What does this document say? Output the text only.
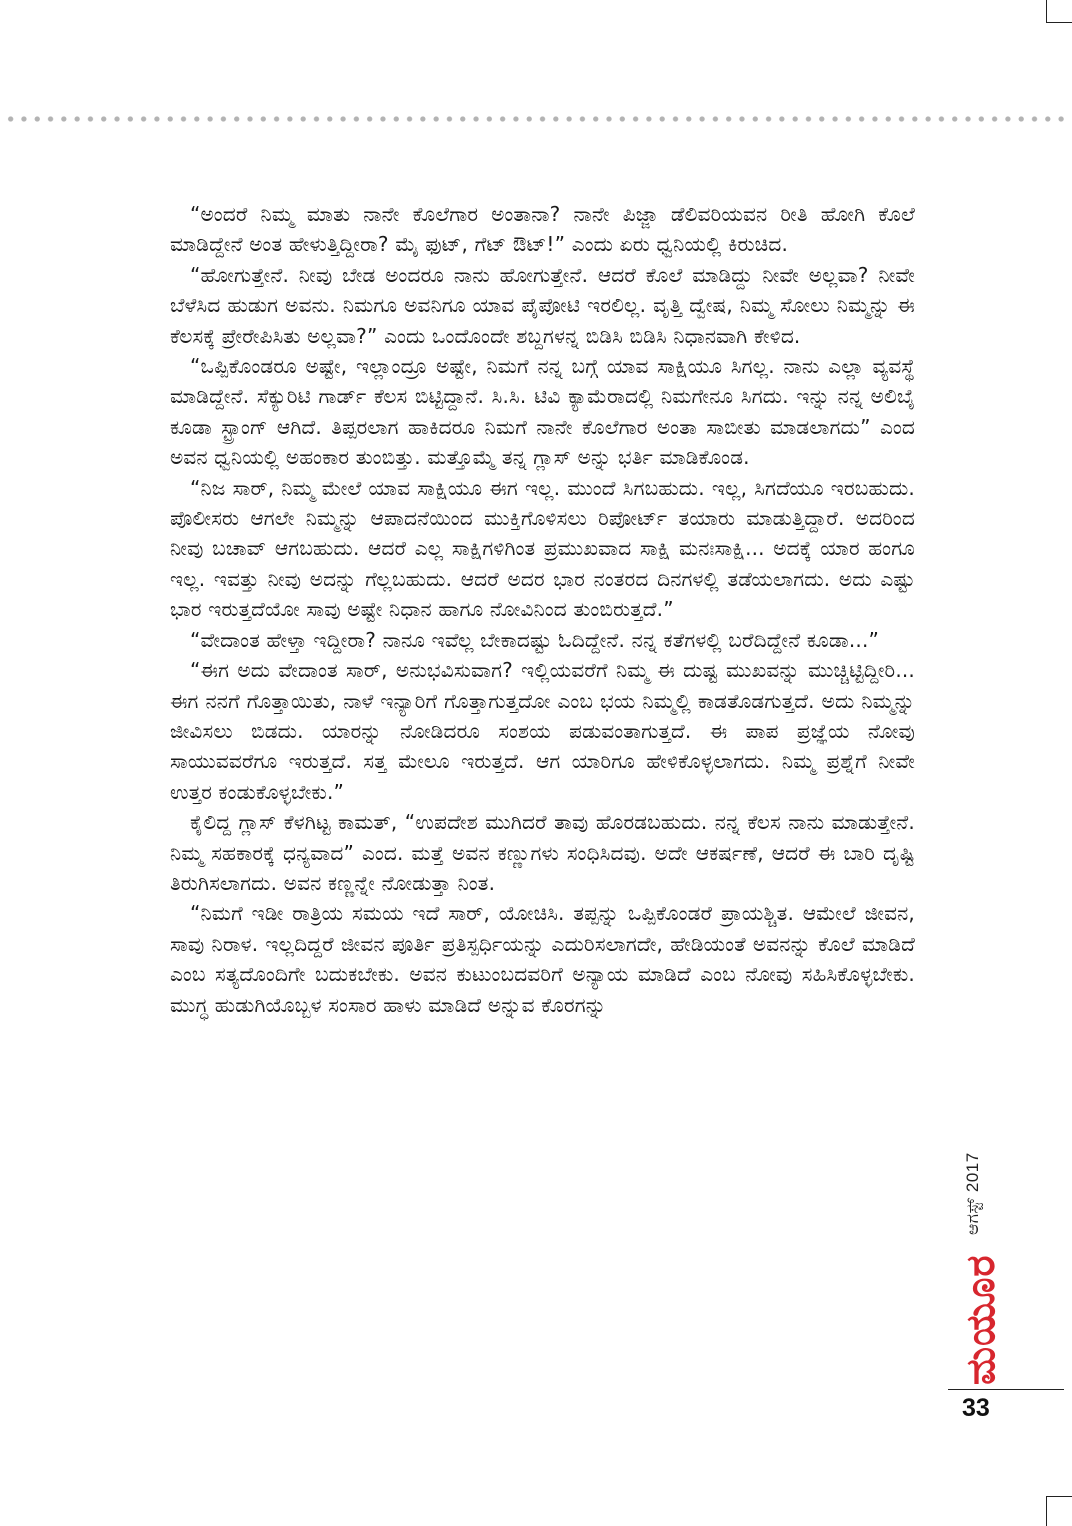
“ಅಂದರೆ ನಿಮ್ಮ ಮಾತು ನಾನೇ ಕೊಲೆಗಾರ ಅಂತಾನಾ? ನಾನೇ ಪಿಜ್ಜಾ ಡೆಲಿವರಿಯವನ ರೀತಿ ಹೋಗಿ ಕೊಲೆ ಮಾಡಿದ್ದೇನೆ ಅಂತ ಹೇಳುತ್ತಿದ್ದೀರಾ? ಮೈ ಫುಟ್, ಗೆಟ್ ಔಟ್!” ಎಂದು ಏರು ಧ್ವನಿಯಲ್ಲಿ ಕಿರುಚಿದ.

“ಹೋಗುತ್ತೇನೆ. ನೀವು ಬೇಡ ಅಂದರೂ ನಾನು ಹೋಗುತ್ತೇನೆ. ಆದರೆ ಕೊಲೆ ಮಾಡಿದ್ದು ನೀವೇ ಅಲ್ಲವಾ? ನೀವೇ ಬೆಳೆಸಿದ ಹುಡುಗ ಅವನು. ನಿಮಗೂ ಅವನಿಗೂ ಯಾವ ಪೈಪೋಟಿ ಇರಲಿಲ್ಲ. ವೃತ್ತಿ ದ್ವೇಷ, ನಿಮ್ಮ ಸೋಲು ನಿಮ್ಮನ್ನು ಈ ಕೆಲಸಕ್ಕೆ ಪ್ರೇರೇಪಿಸಿತು ಅಲ್ಲವಾ?” ಎಂದು ಒಂದೊಂದೇ ಶಬ್ದಗಳನ್ನ ಬಿಡಿಸಿ ಬಿಡಿಸಿ ನಿಧಾನವಾಗಿ ಕೇಳಿದ.

“ಒಪ್ಪಿಕೊಂಡರೂ ಅಷ್ಟೇ, ಇಲ್ಲಾಂದ್ರೂ ಅಷ್ಟೇ, ನಿಮಗೆ ನನ್ನ ಬಗ್ಗೆ ಯಾವ ಸಾಕ್ಷಿಯೂ ಸಿಗಲ್ಲ. ನಾನು ಎಲ್ಲಾ ವ್ಯವಸ್ಥೆ ಮಾಡಿದ್ದೇನೆ. ಸೆಕ್ಯುರಿಟಿ ಗಾರ್ಡ್ ಕೆಲಸ ಬಿಟ್ಟಿದ್ದಾನೆ. ಸಿ.ಸಿ. ಟಿವಿ ಕ್ಯಾಮೆರಾದಲ್ಲಿ ನಿಮಗೇನೂ ಸಿಗದು. ಇನ್ನು ನನ್ನ ಅಲಿಬೈ ಕೂಡಾ ಸ್ಟ್ರಾಂಗ್ ಆಗಿದೆ. ತಿಪ್ಪರಲಾಗ ಹಾಕಿದರೂ ನಿಮಗೆ ನಾನೇ ಕೊಲೆಗಾರ ಅಂತಾ ಸಾಬೀತು ಮಾಡಲಾಗದು” ಎಂದ ಅವನ ಧ್ವನಿಯಲ್ಲಿ ಅಹಂಕಾರ ತುಂಬಿತ್ತು. ಮತ್ತೊಮ್ಮೆ ತನ್ನ ಗ್ಲಾಸ್ ಅನ್ನು ಭರ್ತಿ ಮಾಡಿಕೊಂಡ.

“ನಿಜ ಸಾರ್, ನಿಮ್ಮ ಮೇಲೆ ಯಾವ ಸಾಕ್ಷಿಯೂ ಈಗ ಇಲ್ಲ. ಮುಂದೆ ಸಿಗಬಹುದು. ಇಲ್ಲ, ಸಿಗದೆಯೂ ಇರಬಹುದು. ಪೊಲೀಸರು ಆಗಲೇ ನಿಮ್ಮನ್ನು ಆಪಾದನೆಯಿಂದ ಮುಕ್ತಿಗೊಳಿಸಲು ರಿಪೋರ್ಟ್ ತಯಾರು ಮಾಡುತ್ತಿದ್ದಾರೆ. ಅದರಿಂದ ನೀವು ಬಚಾವ್ ಆಗಬಹುದು. ಆದರೆ ಎಲ್ಲ ಸಾಕ್ಷಿಗಳಿಗಿಂತ ಪ್ರಮುಖವಾದ ಸಾಕ್ಷಿ ಮನಃಸಾಕ್ಷಿ... ಅದಕ್ಕೆ ಯಾರ ಹಂಗೂ ಇಲ್ಲ. ಇವತ್ತು ನೀವು ಅದನ್ನು ಗೆಲ್ಲಬಹುದು. ಆದರೆ ಅದರ ಭಾರ ನಂತರದ ದಿನಗಳಲ್ಲಿ ತಡೆಯಲಾಗದು. ಅದು ಎಷ್ಟು ಭಾರ ಇರುತ್ತದೆಯೋ ಸಾವು ಅಷ್ಟೇ ನಿಧಾನ ಹಾಗೂ ನೋವಿನಿಂದ ತುಂಬಿರುತ್ತದೆ.”

“ವೇದಾಂತ ಹೇಳ್ತಾ ಇದ್ದೀರಾ? ನಾನೂ ಇವೆಲ್ಲ ಬೇಕಾದಷ್ಟು ಓದಿದ್ದೇನೆ. ನನ್ನ ಕತೆಗಳಲ್ಲಿ ಬರೆದಿದ್ದೇನೆ ಕೂಡಾ...”

“ಈಗ ಅದು ವೇದಾಂತ ಸಾರ್, ಅನುಭವಿಸುವಾಗ? ಇಲ್ಲಿಯವರೆಗೆ ನಿಮ್ಮ ಈ ದುಷ್ಟ ಮುಖವನ್ನು ಮುಚ್ಚಿಟ್ಟಿದ್ದೀರಿ... ಈಗ ನನಗೆ ಗೊತ್ತಾಯಿತು, ನಾಳೆ ಇನ್ಯಾರಿಗೆ ಗೊತ್ತಾಗುತ್ತದೋ ಎಂಬ ಭಯ ನಿಮ್ಮಲ್ಲಿ ಕಾಡತೊಡಗುತ್ತದೆ. ಅದು ನಿಮ್ಮನ್ನು ಜೀವಿಸಲು ಬಿಡದು. ಯಾರನ್ನು ನೋಡಿದರೂ ಸಂಶಯ ಪಡುವಂತಾಗುತ್ತದೆ. ಈ ಪಾಪ ಪ್ರಜ್ಞೆಯ ನೋವು ಸಾಯುವವರೆಗೂ ಇರುತ್ತದೆ. ಸತ್ತ ಮೇಲೂ ಇರುತ್ತದೆ. ಆಗ ಯಾರಿಗೂ ಹೇಳಿಕೊಳ್ಳಲಾಗದು. ನಿಮ್ಮ ಪ್ರಶ್ನೆಗೆ ನೀವೇ ಉತ್ತರ ಕಂಡುಕೊಳ್ಳಬೇಕು.”

ಕೈಲಿದ್ದ ಗ್ಲಾಸ್ ಕೆಳಗಿಟ್ಟ ಕಾಮತ್, “ಉಪದೇಶ ಮುಗಿದರೆ ತಾವು ಹೊರಡಬಹುದು. ನನ್ನ ಕೆಲಸ ನಾನು ಮಾಡುತ್ತೇನೆ. ನಿಮ್ಮ ಸಹಕಾರಕ್ಕೆ ಧನ್ಯವಾದ” ಎಂದ. ಮತ್ತೆ ಅವನ ಕಣ್ಣುಗಳು ಸಂಧಿಸಿದವು. ಅದೇ ಆಕರ್ಷಣೆ, ಆದರೆ ಈ ಬಾರಿ ದೃಷ್ಟಿ ತಿರುಗಿಸಲಾಗದು. ಅವನ ಕಣ್ಣನ್ನೇ ನೋಡುತ್ತಾ ನಿಂತ.

“ನಿಮಗೆ ಇಡೀ ರಾತ್ರಿಯ ಸಮಯ ಇದೆ ಸಾರ್, ಯೋಚಿಸಿ. ತಪ್ಪನ್ನು ಒಪ್ಪಿಕೊಂಡರೆ ಪ್ರಾಯಶ್ಚಿತ. ಆಮೇಲೆ ಜೀವನ, ಸಾವು ನಿರಾಳ. ಇಲ್ಲದಿದ್ದರೆ ಜೀವನ ಪೂರ್ತಿ ಪ್ರತಿಸ್ಪರ್ಧಿಯನ್ನು ಎದುರಿಸಲಾಗದೇ, ಹೇಡಿಯಂತೆ ಅವನನ್ನು ಕೊಲೆ ಮಾಡಿದೆ ಎಂಬ ಸತ್ಯದೊಂದಿಗೇ ಬದುಕಬೇಕು. ಅವನ ಕುಟುಂಬದವರಿಗೆ ಅನ್ಯಾಯ ಮಾಡಿದೆ ಎಂಬ ನೋವು ಸಹಿಸಿಕೊಳ್ಳಬೇಕು. ಮುಗ್ಧ ಹುಡುಗಿಯೊಬ್ಬಳ ಸಂಸಾರ ಹಾಳು ಮಾಡಿದೆ ಅನ್ನುವ ಕೊರಗನ್ನು

ಆಗಸ್ಟ್ 2017
ಮಯೂರ
33
